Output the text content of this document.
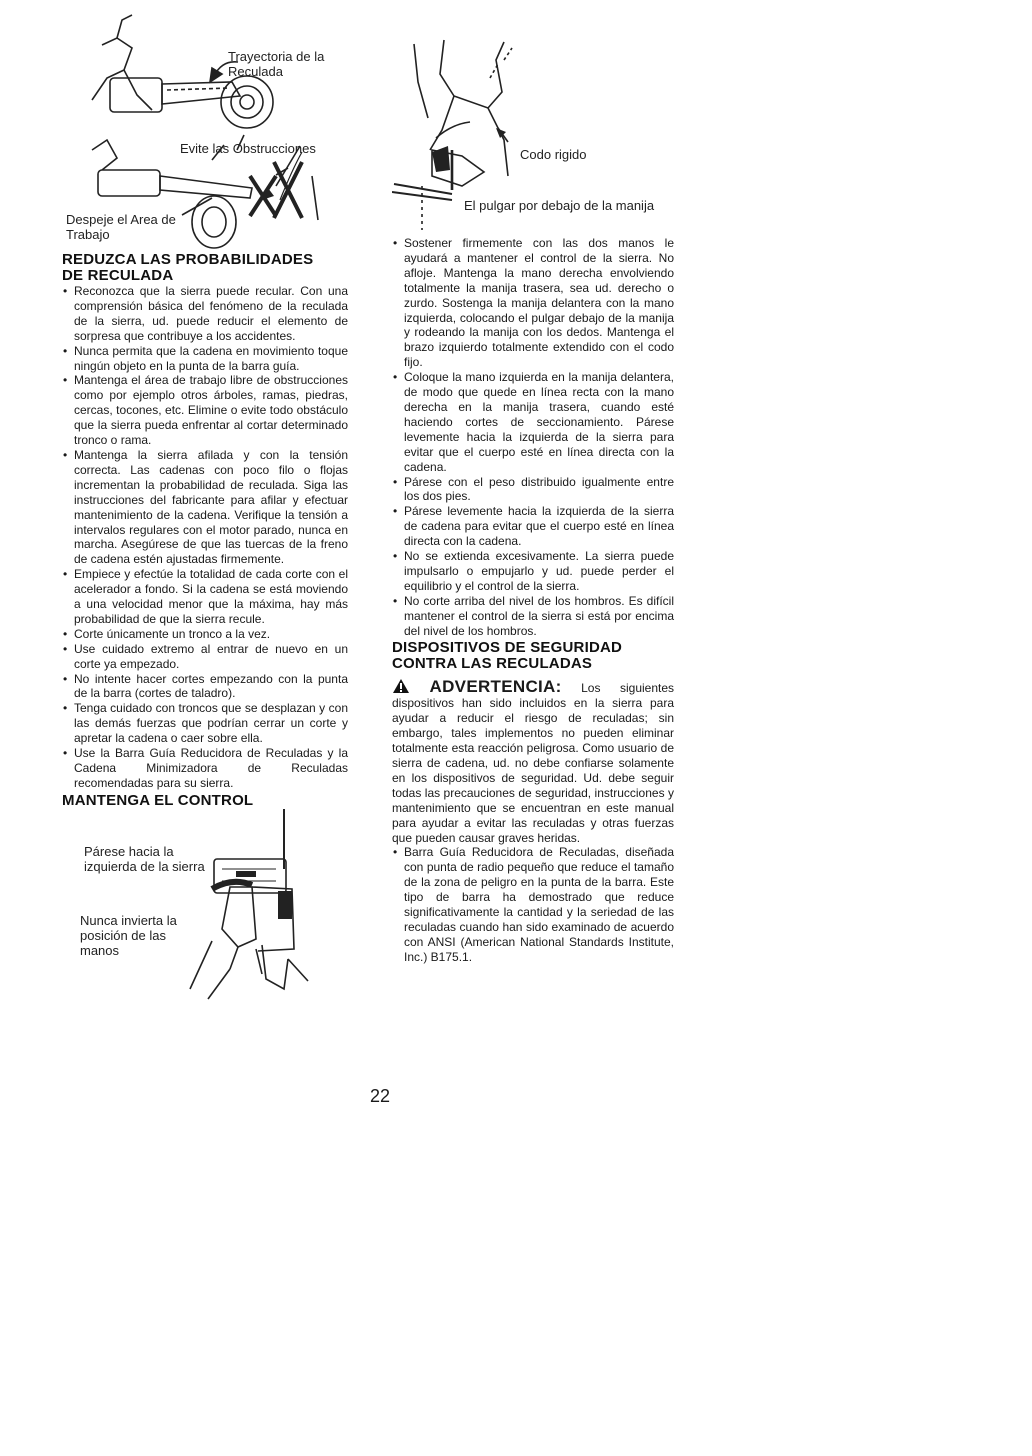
Trayectoria de la Reculada
Evite las Obstrucciones
Despeje el Area de Trabajo
REDUZCA LAS PROBABILIDADES
DE RECULADA
• Reconozca que la sierra puede recular. Con una comprensión básica del fenómeno de la reculada de la sierra, ud. puede reducir el elemento de sorpresa que contribuye a los accidentes.
• Nunca permita que la cadena en movimiento toque ningún objeto en la punta de la barra guía.
• Mantenga el área de trabajo libre de obstrucciones como por ejemplo otros árboles, ramas, piedras, cercas, tocones, etc. Elimine o evite todo obstáculo que la sierra pueda enfrentar al cortar determinado tronco o rama.
• Mantenga la sierra afilada y con la tensión correcta. Las cadenas con poco filo o flojas incrementan la probabilidad de reculada. Siga las instrucciones del fabricante para afilar y efectuar mantenimiento de la cadena. Verifique la tensión a intervalos regulares con el motor parado, nunca en marcha. Asegúrese de que las tuercas de la freno de cadena estén ajustadas firmemente.
• Empiece y efectúe la totalidad de cada corte con el acelerador a fondo. Si la cadena se está moviendo a una velocidad menor que la máxima, hay más probabilidad de que la sierra recule.
• Corte únicamente un tronco a la vez.
• Use cuidado extremo al entrar de nuevo en un corte ya empezado.
• No intente hacer cortes empezando con la punta de la barra (cortes de taladro).
• Tenga cuidado con troncos que se desplazan y con las demás fuerzas que podrían cerrar un corte y apretar la cadena o caer sobre ella.
• Use la Barra Guía Reducidora de Reculadas y la Cadena Minimizadora de Reculadas recomendadas para su sierra.
MANTENGA EL CONTROL
Párese hacia la izquierda de la sierra
Nunca invierta la posición de las manos
Codo rigido
El pulgar por debajo de la manija
• Sostener firmemente con las dos manos le ayudará a mantener el control de la sierra. No afloje. Mantenga la mano derecha envolviendo totalmente la manija trasera, sea ud. derecho o zurdo. Sostenga la manija delantera con la mano izquierda, colocando el pulgar debajo de la manija y rodeando la manija con los dedos. Mantenga el brazo izquierdo totalmente extendido con el codo fijo.
• Coloque la mano izquierda en la manija delantera, de modo que quede en línea recta con la mano derecha en la manija trasera, cuando esté haciendo cortes de seccionamiento. Párese levemente hacia la izquierda de la sierra para evitar que el cuerpo esté en línea directa con la cadena.
• Párese con el peso distribuido igualmente entre los dos pies.
• Párese levemente hacia la izquierda de la sierra de cadena para evitar que el cuerpo esté en línea directa con la cadena.
• No se extienda excesivamente. La sierra puede impulsarlo o empujarlo y ud. puede perder el equilibrio y el control de la sierra.
• No corte arriba del nivel de los hombros. Es difícil mantener el control de la sierra si está por encima del nivel de los hombros.
DISPOSITIVOS DE SEGURIDAD
CONTRA LAS RECULADAS

ADVERTENCIA: Los siguientes dispositivos han sido incluidos en la sierra para ayudar a reducir el riesgo de reculadas; sin embargo, tales implementos no pueden eliminar totalmente esta reacción peligrosa. Como usuario de sierra de cadena, ud. no debe confiarse solamente en los dispositivos de seguridad. Ud. debe seguir todas las precauciones de seguridad, instrucciones y mantenimiento que se encuentran en este manual para ayudar a evitar las reculadas y otras fuerzas que pueden causar graves heridas.

• Barra Guía Reducidora de Reculadas, diseñada con punta de radio pequeño que reduce el tamaño de la zona de peligro en la punta de la barra. Este tipo de barra ha demostrado que reduce significativamente la cantidad y la seriedad de las reculadas cuando han sido examinado de acuerdo con ANSI (American National Standards Institute, Inc.) B175.1.
22
